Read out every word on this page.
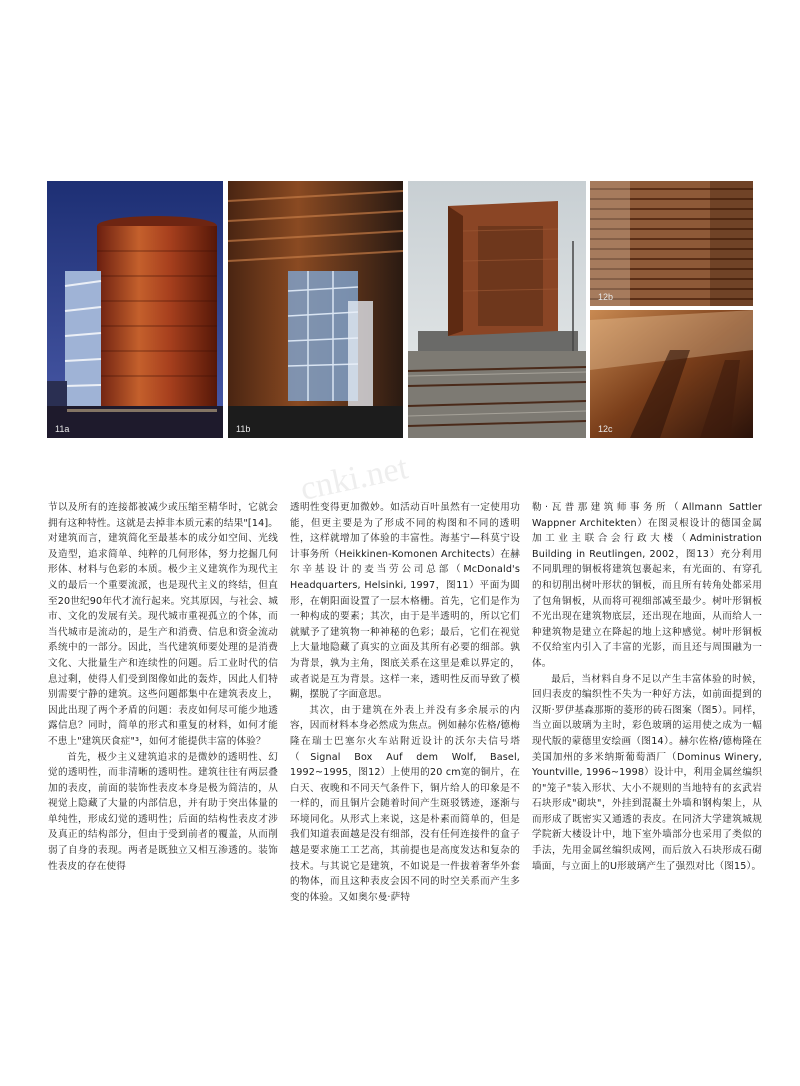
11a	11b
12b
12c
cnki.net

节以及所有的连接都被减少或压缩至精华时，它就会拥有这种特性。这就是去掉非本质元素的结果"[14]。对建筑而言，建筑简化至最基本的成分如空间、光线及造型，追求简单、纯粹的几何形体，努力挖掘几何形体、材料与色彩的本质。极少主义建筑作为现代主义的最后一个重要流派，也是现代主义的终结，但直至20世纪90年代才流行起来。究其原因，与社会、城市、文化的发展有关。现代城市重视孤立的个体，而当代城市是流动的，是生产和消费、信息和资金流动系统中的一部分。因此，当代建筑师要处理的是消费文化、大批量生产和连续性的问题。后工业时代的信息过剩，使得人们受到图像如此的轰炸，因此人们特别需要宁静的建筑。这些问题都集中在建筑表皮上，因此出现了两个矛盾的问题：表皮如何尽可能少地透露信息？同时，简单的形式和重复的材料，如何才能不患上"建筑厌食症"³，如何才能提供丰富的体验？

首先，极少主义建筑追求的是微妙的透明性、幻觉的透明性，而非清晰的透明性。建筑往往有两层叠加的表皮，前面的装饰性表皮本身是极为简洁的，从视觉上隐藏了大量的内部信息，并有助于突出体量的单纯性，形成幻觉的透明性；后面的结构性表皮才涉及真正的结构部分，但由于受到前者的覆盖，从而削弱了自身的表现。两者是既独立又相互渗透的。装饰性表皮的存在使得

透明性变得更加微妙。如活动百叶虽然有一定使用功能，但更主要是为了形成不同的构图和不同的透明性，这样就增加了体验的丰富性。海基宁—科莫宁设计事务所（Heikkinen-Komonen Architects）在赫尔辛基设计的麦当劳公司总部（McDonald's Headquarters, Helsinki, 1997，图11）平面为圆形，在朝阳面设置了一层木格栅。首先，它们是作为一种构成的要素；其次，由于是半透明的，所以它们就赋予了建筑物一种神秘的色彩；最后，它们在视觉上大量地隐藏了真实的立面及其所有必要的细部。孰为背景，孰为主角，图底关系在这里是难以界定的，或者说是互为背景。这样一来，透明性反而导致了模糊，摆脱了字面意思。

其次，由于建筑在外表上并没有多余展示的内容，因而材料本身必然成为焦点。例如赫尔佐格/德梅隆在瑞士巴塞尔火车站附近设计的沃尔夫信号塔（Signal Box Auf dem Wolf, Basel, 1992~1995，图12）上使用的20 cm宽的铜片，在白天、夜晚和不同天气条件下，铜片给人的印象是不一样的，而且铜片会随着时间产生斑驳锈迹，逐渐与环境同化。从形式上来说，这是朴素而简单的，但是我们知道表面越是没有细部，没有任何连接件的盒子越是要求施工工艺高，其前提也是高度发达和复杂的技术。与其说它是建筑，不如说是一件拔着奢华外套的物体，而且这种表皮会因不同的时空关系而产生多变的体验。又如奥尔曼·萨特

勒·瓦普那建筑师事务所（Allmann Sattler Wappner Architekten）在图灵根设计的德国金属加工业主联合会行政大楼（Administration Building in Reutlingen, 2002，图13）充分利用不同肌理的铜板将建筑包裹起来，有光面的、有穿孔的和切削出树叶形状的铜板，而且所有转角处都采用了包角铜板，从而将可视细部减至最少。树叶形铜板不光出现在建筑物底层，还出现在地面，从而给人一种建筑物是建立在降起的地上这种感觉。树叶形铜板不仅给室内引入了丰富的光影，而且还与周围融为一体。

最后，当材料自身不足以产生丰富体验的时候，回归表皮的编织性不失为一种好方法，如前面提到的汉斯·罗伊基森那斯的菱形的砖石图案（图5）。同样，当立面以玻璃为主时，彩色玻璃的运用使之成为一幅现代版的蒙德里安绘画（图14）。赫尔佐格/德梅隆在美国加州的多米纳斯葡萄酒厂（Dominus Winery, Yountville, 1996~1998）设计中，利用金属丝编织的"笼子"装入形状、大小不规则的当地特有的玄武岩石块形成"砌块"，外挂到混凝土外墙和钢构架上，从而形成了既密实又通透的表皮。在同济大学建筑城规学院新大楼设计中，地下室外墙部分也采用了类似的手法，先用金属丝编织成网，而后放入石块形成石砌墙面，与立面上的U形玻璃产生了强烈对比（图15）。
